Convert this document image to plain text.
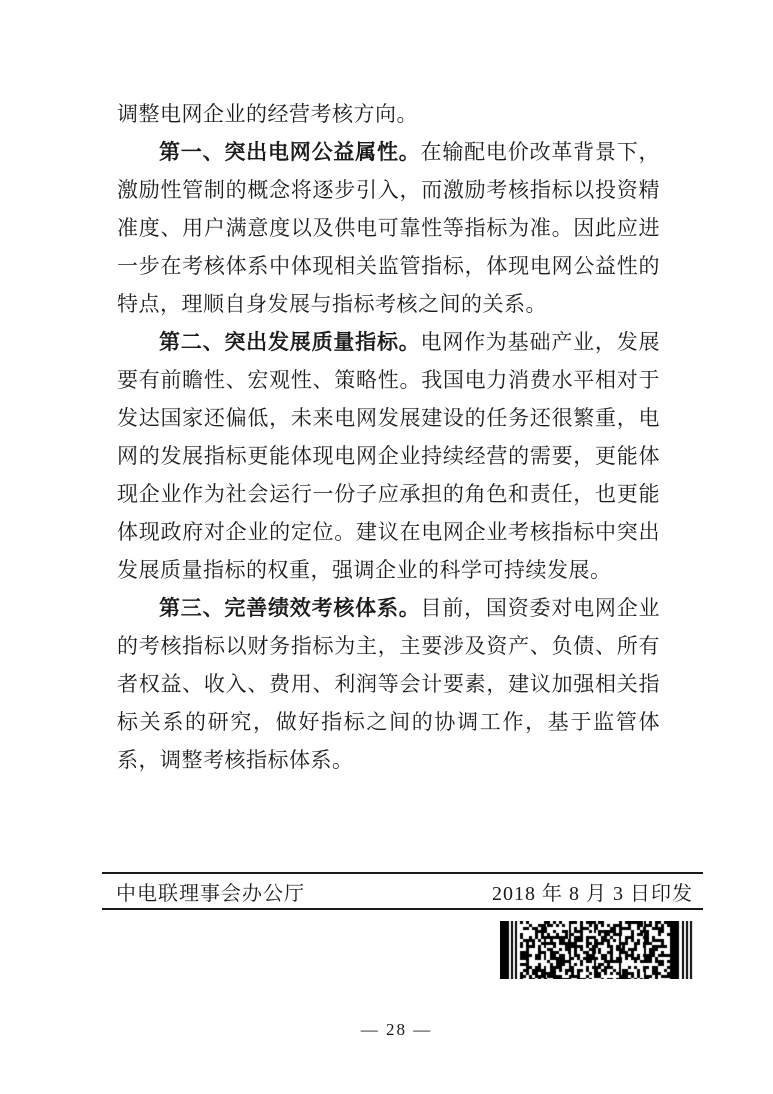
调整电网企业的经营考核方向。

第一、突出电网公益属性。在输配电价改革背景下，激励性管制的概念将逐步引入，而激励考核指标以投资精准度、用户满意度以及供电可靠性等指标为准。因此应进一步在考核体系中体现相关监管指标，体现电网公益性的特点，理顺自身发展与指标考核之间的关系。

第二、突出发展质量指标。电网作为基础产业，发展要有前瞻性、宏观性、策略性。我国电力消费水平相对于发达国家还偏低，未来电网发展建设的任务还很繁重，电网的发展指标更能体现电网企业持续经营的需要，更能体现企业作为社会运行一份子应承担的角色和责任，也更能体现政府对企业的定位。建议在电网企业考核指标中突出发展质量指标的权重，强调企业的科学可持续发展。

第三、完善绩效考核体系。目前，国资委对电网企业的考核指标以财务指标为主，主要涉及资产、负债、所有者权益、收入、费用、利润等会计要素，建议加强相关指标关系的研究，做好指标之间的协调工作，基于监管体系，调整考核指标体系。

中电联理事会办公厅	2018 年 8 月 3 日印发
— 28 —
